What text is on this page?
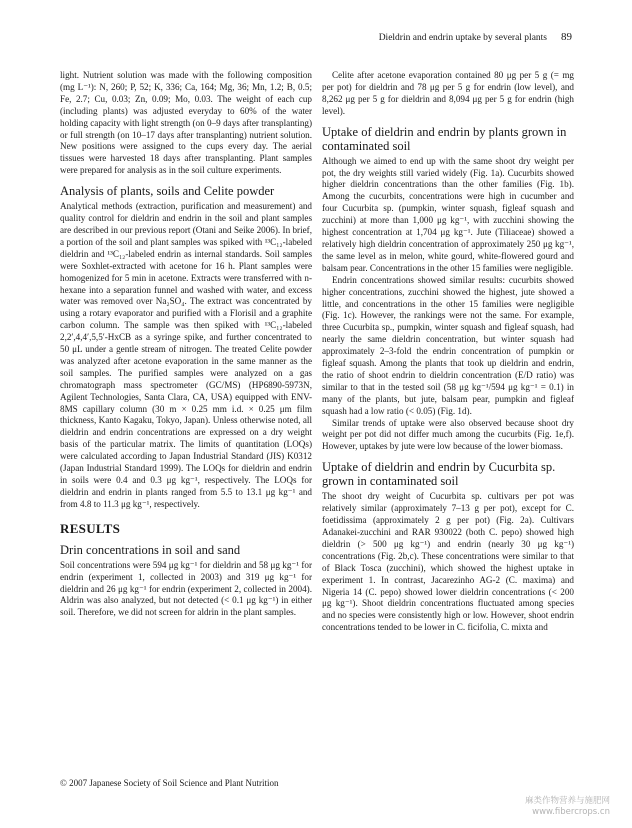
Dieldrin and endrin uptake by several plants 89

light. Nutrient solution was made with the following composition (mg L⁻¹): N, 260; P, 52; K, 336; Ca, 164; Mg, 36; Mn, 1.2; B, 0.5; Fe, 2.7; Cu, 0.03; Zn, 0.09; Mo, 0.03. The weight of each cup (including plants) was adjusted everyday to 60% of the water holding capacity with light strength (on 0–9 days after transplanting) or full strength (on 10–17 days after transplanting) nutrient solution. New positions were assigned to the cups every day. The aerial tissues were harvested 18 days after transplanting. Plant samples were prepared for analysis as in the soil culture experiments.

Analysis of plants, soils and Celite powder

Analytical methods (extraction, purification and measurement) and quality control for dieldrin and endrin in the soil and plant samples are described in our previous report (Otani and Seike 2006). In brief, a portion of the soil and plant samples was spiked with ¹³C₁₂-labeled dieldrin and ¹³C₁₂-labeled endrin as internal standards. Soil samples were Soxhlet-extracted with acetone for 16 h. Plant samples were homogenized for 5 min in acetone. Extracts were transferred with n-hexane into a separation funnel and washed with water, and excess water was removed over Na₂SO₄. The extract was concentrated by using a rotary evaporator and purified with a Florisil and a graphite carbon column. The sample was then spiked with ¹³C₁₂-labeled 2,2′,4,4′,5,5′-HxCB as a syringe spike, and further concentrated to 50 μL under a gentle stream of nitrogen. The treated Celite powder was analyzed after acetone evaporation in the same manner as the soil samples. The purified samples were analyzed on a gas chromatograph mass spectrometer (GC/MS) (HP6890-5973N, Agilent Technologies, Santa Clara, CA, USA) equipped with ENV-8MS capillary column (30 m × 0.25 mm i.d. × 0.25 μm film thickness, Kanto Kagaku, Tokyo, Japan). Unless otherwise noted, all dieldrin and endrin concentrations are expressed on a dry weight basis of the particular matrix. The limits of quantitation (LOQs) were calculated according to Japan Industrial Standard (JIS) K0312 (Japan Industrial Standard 1999). The LOQs for dieldrin and endrin in soils were 0.4 and 0.3 μg kg⁻¹, respectively. The LOQs for dieldrin and endrin in plants ranged from 5.5 to 13.1 μg kg⁻¹ and from 4.8 to 11.3 μg kg⁻¹, respectively.

RESULTS
Drin concentrations in soil and sand

Soil concentrations were 594 μg kg⁻¹ for dieldrin and 58 μg kg⁻¹ for endrin (experiment 1, collected in 2003) and 319 μg kg⁻¹ for dieldrin and 26 μg kg⁻¹ for endrin (experiment 2, collected in 2004). Aldrin was also analyzed, but not detected (< 0.1 μg kg⁻¹) in either soil. Therefore, we did not screen for aldrin in the plant samples.

Celite after acetone evaporation contained 80 μg per 5 g (= mg per pot) for dieldrin and 78 μg per 5 g for endrin (low level), and 8,262 μg per 5 g for dieldrin and 8,094 μg per 5 g for endrin (high level).

Uptake of dieldrin and endrin by plants grown in contaminated soil

Although we aimed to end up with the same shoot dry weight per pot, the dry weights still varied widely (Fig. 1a). Cucurbits showed higher dieldrin concentrations than the other families (Fig. 1b). Among the cucurbits, concentrations were high in cucumber and four Cucurbita sp. (pumpkin, winter squash, figleaf squash and zucchini) at more than 1,000 μg kg⁻¹, with zucchini showing the highest concentration at 1,704 μg kg⁻¹. Jute (Tiliaceae) showed a relatively high dieldrin concentration of approximately 250 μg kg⁻¹, the same level as in melon, white gourd, white-flowered gourd and balsam pear. Concentrations in the other 15 families were negligible.

Endrin concentrations showed similar results: cucurbits showed higher concentrations, zucchini showed the highest, jute showed a little, and concentrations in the other 15 families were negligible (Fig. 1c). However, the rankings were not the same. For example, three Cucurbita sp., pumpkin, winter squash and figleaf squash, had nearly the same dieldrin concentration, but winter squash had approximately 2–3-fold the endrin concentration of pumpkin or figleaf squash. Among the plants that took up dieldrin and endrin, the ratio of shoot endrin to dieldrin concentration (E/D ratio) was similar to that in the tested soil (58 μg kg⁻¹/594 μg kg⁻¹ = 0.1) in many of the plants, but jute, balsam pear, pumpkin and figleaf squash had a low ratio (< 0.05) (Fig. 1d).

Similar trends of uptake were also observed because shoot dry weight per pot did not differ much among the cucurbits (Fig. 1e,f). However, uptakes by jute were low because of the lower biomass.

Uptake of dieldrin and endrin by Cucurbita sp. grown in contaminated soil

The shoot dry weight of Cucurbita sp. cultivars per pot was relatively similar (approximately 7–13 g per pot), except for C. foetidissima (approximately 2 g per pot) (Fig. 2a). Cultivars Adanakei-zucchini and RAR 930022 (both C. pepo) showed high dieldrin (> 500 μg kg⁻¹) and endrin (nearly 30 μg kg⁻¹) concentrations (Fig. 2b,c). These concentrations were similar to that of Black Tosca (zucchini), which showed the highest uptake in experiment 1. In contrast, Jacarezinho AG-2 (C. maxima) and Nigeria 14 (C. pepo) showed lower dieldrin concentrations (< 200 μg kg⁻¹). Shoot dieldrin concentrations fluctuated among species and no species were consistently high or low. However, shoot endrin concentrations tended to be lower in C. ficifolia, C. mixta and

© 2007 Japanese Society of Soil Science and Plant Nutrition
麻类作物营养与施肥网
www.fibercrops.cn
